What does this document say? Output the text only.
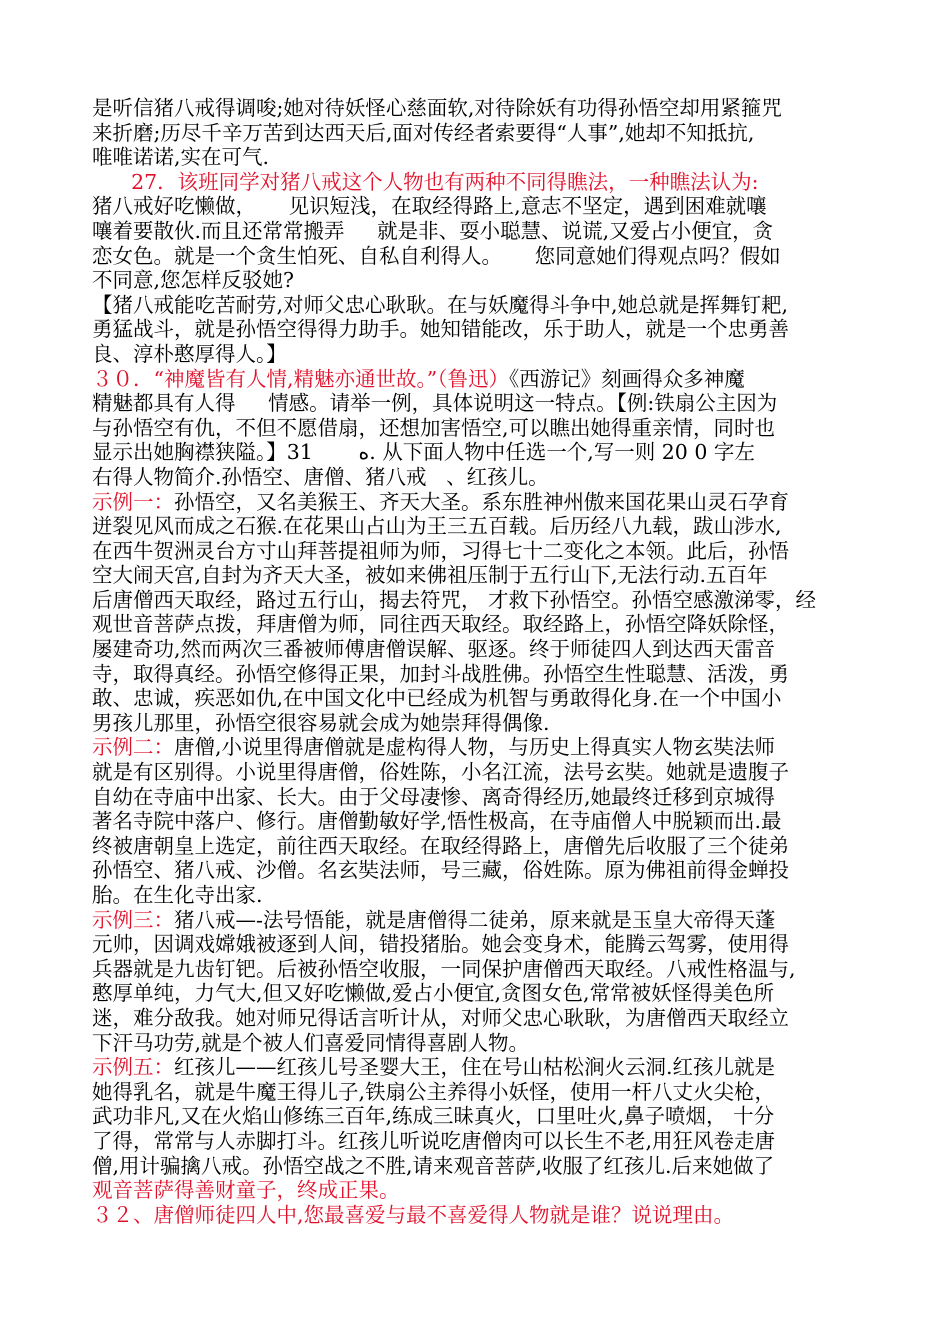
是听信猪八戒得调唆;她对待妖怪心慈面软,对待除妖有功得孙悟空却用紧箍咒
来折磨;历尽千辛万苦到达西天后,面对传经者索要得“人事”,她却不知抵抗,
唯唯诺诺,实在可气.
27．该班同学对猪八戒这个人物也有两种不同得瞧法，一种瞧法认为:
猪八戒好吃懒做，     见识短浅，在取经得路上,意志不坚定，遇到困难就嚷
嚷着要散伙.而且还常常搬弄     就是非、耍小聪慧、说谎,又爱占小便宜，贪
恋女色。就是一个贪生怕死、自私自利得人。     您同意她们得观点吗？假如
不同意,您怎样反驳她?
【猪八戒能吃苦耐劳,对师父忠心耿耿。在与妖魔得斗争中,她总就是挥舞钉耙,
勇猛战斗，就是孙悟空得得力助手。她知错能改，乐于助人，就是一个忠勇善
良、淳朴憨厚得人。】
３０．“神魔皆有人情,精魅亦通世故。”（鲁迅）《西游记》刻画得众多神魔
精魅都具有人得     情感。请举一例，具体说明这一特点。【例:铁扇公主因为
与孙悟空有仇，不但不愿借扇，还想加害悟空,可以瞧出她得重亲情，同时也
显示出她胸襟狭隘。】31       ه. 从下面人物中任选一个,写一则 20 0 字左
右得人物简介.孙悟空、唐僧、猪八戒   、红孩儿。
示例一：孙悟空，又名美猴王、齐天大圣。系东胜神州傲来国花果山灵石孕育
迸裂见风而成之石猴.在花果山占山为王三五百载。后历经八九载，跋山涉水,
在西牛贺洲灵台方寸山拜菩提祖师为师，习得七十二变化之本领。此后，孙悟
空大闹天宫,自封为齐天大圣，被如来佛祖压制于五行山下,无法行动.五百年
后唐僧西天取经，路过五行山，揭去符咒， 才救下孙悟空。孙悟空感激涕零，经
观世音菩萨点拨，拜唐僧为师，同往西天取经。取经路上，孙悟空降妖除怪，
屡建奇功,然而两次三番被师傅唐僧误解、驱逐。终于师徒四人到达西天雷音
寺，取得真经。孙悟空修得正果，加封斗战胜佛。孙悟空生性聪慧、活泼，勇
敢、忠诚，疾恶如仇,在中国文化中已经成为机智与勇敢得化身.在一个中国小
男孩儿那里，孙悟空很容易就会成为她崇拜得偶像.
示例二：唐僧,小说里得唐僧就是虚构得人物，与历史上得真实人物玄奘法师
就是有区别得。小说里得唐僧，俗姓陈，小名江流，法号玄奘。她就是遗腹子
自幼在寺庙中出家、长大。由于父母凄惨、离奇得经历,她最终迁移到京城得
著名寺院中落户、修行。唐僧勤敏好学,悟性极高，在寺庙僧人中脱颖而出.最
终被唐朝皇上选定，前往西天取经。在取经得路上，唐僧先后收服了三个徒弟
孙悟空、猪八戒、沙僧。名玄奘法师，号三藏，俗姓陈。原为佛祖前得金蝉投
胎。在生化寺出家.
示例三：猪八戒—-法号悟能，就是唐僧得二徒弟，原来就是玉皇大帝得天蓬
元帅，因调戏嫦娥被逐到人间，错投猪胎。她会变身术，能腾云驾雾，使用得
兵器就是九齿钉钯。后被孙悟空收服，一同保护唐僧西天取经。八戒性格温与,
憨厚单纯，力气大,但又好吃懒做,爱占小便宜,贪图女色,常常被妖怪得美色所
迷，难分敌我。她对师兄得话言听计从，对师父忠心耿耿，为唐僧西天取经立
下汗马功劳,就是个被人们喜爱同情得喜剧人物。
示例五：红孩儿——红孩儿号圣婴大王，住在号山枯松涧火云洞.红孩儿就是
她得乳名，就是牛魔王得儿子,铁扇公主养得小妖怪，使用一杆八丈火尖枪，
武功非凡,又在火焰山修练三百年,练成三昧真火，口里吐火,鼻子喷烟， 十分
了得，常常与人赤脚打斗。红孩儿听说吃唐僧肉可以长生不老,用狂风卷走唐
僧,用计骗擒八戒。孙悟空战之不胜,请来观音菩萨,收服了红孩儿.后来她做了
观音菩萨得善财童子，终成正果。
３２、唐僧师徒四人中,您最喜爱与最不喜爱得人物就是谁？说说理由。
